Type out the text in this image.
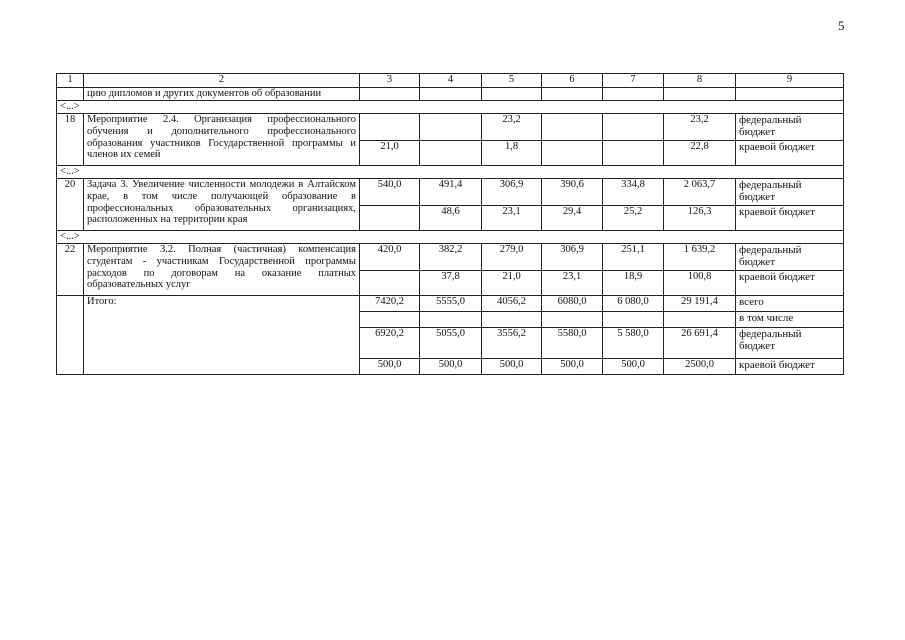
5
1	2	3	4	5	6	7	8	9
	цию дипломов и других документов об образовании							
<...>								
18	Мероприятие 2.4. Организация профессионального обучения и дополнительного профессионального образования участников Государственной программы и членов их семей			23,2			23,2	федеральный бюджет
		21,0		1,8			22,8	краевой бюджет
<...>								
20	Задача 3. Увеличение численности молодежи в Алтайском крае, в том числе получающей образование в профессиональных образовательных организациях, расположенных на территории края	540,0	491,4	306,9	390,6	334,8	2 063,7	федеральный бюджет
			48,6	23,1	29,4	25,2	126,3	краевой бюджет
<...>								
22	Мероприятие 3.2. Полная (частичная) компенсация студентам - участникам Государственной программы расходов по договорам на оказание платных образовательных услуг	420,0	382,2	279,0	306,9	251,1	1 639,2	федеральный бюджет
			37,8	21,0	23,1	18,9	100,8	краевой бюджет
	Итого:	7420,2	5555,0	4056,2	6080,0	6 080,0	29 191,4	всего
								в том числе
		6920,2	5055,0	3556,2	5580,0	5 580,0	26 691,4	федеральный бюджет
		500,0	500,0	500,0	500,0	500,0	2500,0	краевой бюджет
